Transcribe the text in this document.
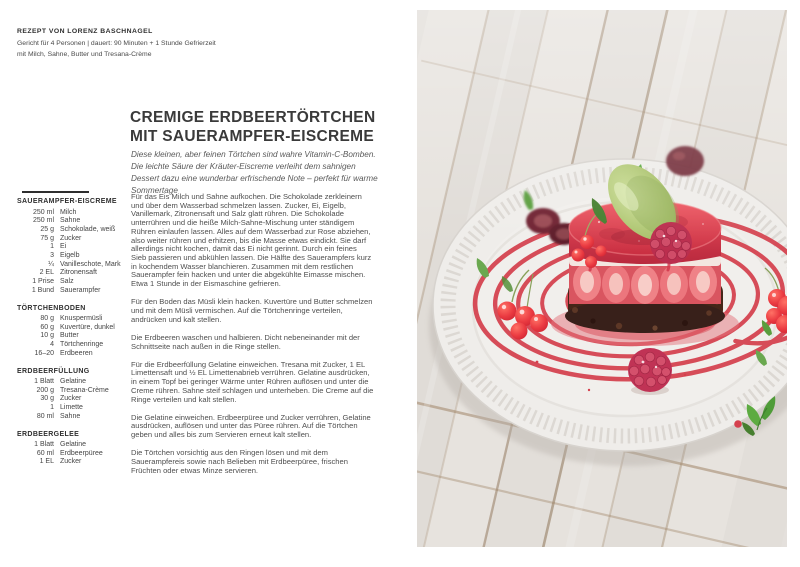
REZEPT VON LORENZ BASCHNAGEL
Gericht für 4 Personen | dauert: 90 Minuten + 1 Stunde Gefrierzeit
mit Milch, Sahne, Butter und Tresana-Crème
CREMIGE ERDBEERTÖRTCHEN
MIT SAUERAMPFER-EISCREME

Diese kleinen, aber feinen Törtchen sind wahre Vitamin-C-Bomben. Die leichte Säure der Kräuter-Eiscreme verleiht dem sahnigen Dessert dazu eine wunderbar erfrischende Note – perfekt für warme Sommertage

SAUERAMPFER-EISCREME
250 ml Milch
250 ml Sahne
25 g Schokolade, weiß
75 g Zucker
1 Ei
3 Eigelb
¼ Vanilleschote, Mark
2 EL Zitronensaft
1 Prise Salz
1 Bund Sauerampfer
TÖRTCHENBODEN
80 g Knuspermüsli
60 g Kuvertüre, dunkel
10 g Butter
4 Törtchenringe
16–20 Erdbeeren
ERDBEERFÜLLUNG
1 Blatt Gelatine
200 g Tresana-Crème
30 g Zucker
1 Limette
80 ml Sahne
ERDBEERGELEE
1 Blatt Gelatine
60 ml Erdbeerpüree
1 EL Zucker

Für das Eis Milch und Sahne aufkochen. Die Schokolade zerkleinern und über dem Wasserbad schmelzen lassen. Zucker, Ei, Eigelb, Vanillemark, Zitronensaft und Salz glatt rühren. Die Schokolade unterrühren und die heiße Milch-Sahne-Mischung unter ständigem Rühren einlaufen lassen. Alles auf dem Wasserbad zur Rose abziehen, also weiter rühren und erhitzen, bis die Masse etwas eindickt. Sie darf allerdings nicht kochen, damit das Ei nicht gerinnt. Durch ein feines Sieb passieren und abkühlen lassen. Die Hälfte des Sauerampfers kurz in kochendem Wasser blanchieren. Zusammen mit dem restlichen Sauerampfer fein hacken und unter die abgekühlte Eimasse mischen. Etwa 1 Stunde in der Eismaschine gefrieren.

Für den Boden das Müsli klein hacken. Kuvertüre und Butter schmelzen und mit dem Müsli vermischen. Auf die Törtchenringe verteilen, andrücken und kalt stellen.

Die Erdbeeren waschen und halbieren. Dicht nebeneinander mit der Schnittseite nach außen in die Ringe stellen.

Für die Erdbeerfüllung Gelatine einweichen. Tresana mit Zucker, 1 EL Limettensaft und ½ EL Limettenabrieb verrühren. Gelatine ausdrücken, in einem Topf bei geringer Wärme unter Rühren auflösen und unter die Creme rühren. Sahne steif schlagen und unterheben. Die Creme auf die Ringe verteilen und kalt stellen.

Die Gelatine einweichen. Erdbeerpüree und Zucker verrühren, Gelatine ausdrücken, auflösen und unter das Püree rühren. Auf die Törtchen geben und alles bis zum Servieren erneut kalt stellen.

Die Törtchen vorsichtig aus den Ringen lösen und mit dem Sauerampfereis sowie nach Belieben mit Erdbeerpüree, frischen Früchten oder etwas Minze servieren.
